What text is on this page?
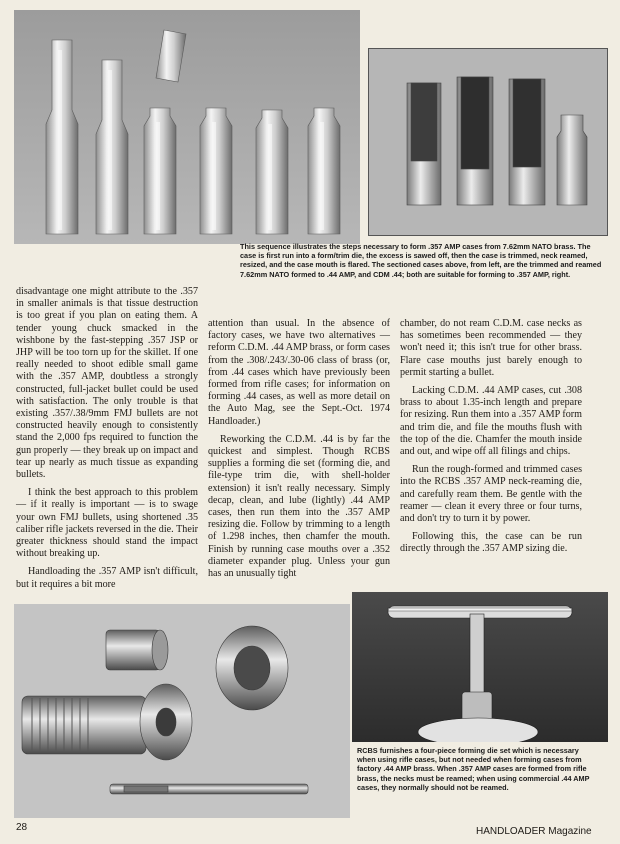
This sequence illustrates the steps necessary to form .357 AMP cases from 7.62mm NATO brass. The case is first run into a form/trim die, the excess is sawed off, then the case is trimmed, neck reamed, resized, and the case mouth is flared. The sectioned cases above, from left, are the trimmed and reamed 7.62mm NATO formed to .44 AMP, and CDM .44; both are suitable for forming to .357 AMP, right.

disadvantage one might attribute to the .357 in smaller animals is that tissue destruction is too great if you plan on eating them. A tender young chuck smacked in the wishbone by the fast-stepping .357 JSP or JHP will be too torn up for the skillet. If one really needed to shoot edible small game with the .357 AMP, doubtless a strongly constructed, full-jacket bullet could be used with satisfaction. The only trouble is that existing .357/.38/9mm FMJ bullets are not constructed heavily enough to consistently stand the 2,000 fps required to function the gun properly — they break up on impact and tear up nearly as much tissue as expanding bullets.

I think the best approach to this problem — if it really is important — is to swage your own FMJ bullets, using shortened .35 caliber rifle jackets reversed in the die. Their greater thickness should stand the impact without breaking up.

Handloading the .357 AMP isn't difficult, but it requires a bit more

attention than usual. In the absence of factory cases, we have two alternatives — reform C.D.M. .44 AMP brass, or form cases from the .308/.243/.30-06 class of brass (or, from .44 cases which have previously been formed from rifle cases; for information on forming .44 cases, as well as more detail on the Auto Mag, see the Sept.-Oct. 1974 Handloader.)

Reworking the C.D.M. .44 is by far the quickest and simplest. Though RCBS supplies a forming die set (forming die, and file-type trim die, with shell-holder extension) it isn't really necessary. Simply decap, clean, and lube (lightly) .44 AMP cases, then run them into the .357 AMP resizing die. Follow by trimming to a length of 1.298 inches, then chamfer the mouth. Finish by running case mouths over a .352 diameter expander plug. Unless your gun has an unusually tight

chamber, do not ream C.D.M. case necks as has sometimes been recommended — they won't need it; this isn't true for other brass. Flare case mouths just barely enough to permit starting a bullet.

Lacking C.D.M. .44 AMP cases, cut .308 brass to about 1.35-inch length and prepare for resizing. Run them into a .357 AMP form and trim die, and file the mouths flush with the top of the die. Chamfer the mouth inside and out, and wipe off all filings and chips.

Run the rough-formed and trimmed cases into the RCBS .357 AMP neck-reaming die, and carefully ream them. Be gentle with the reamer — clean it every three or four turns, and don't try to turn it by power.

Following this, the case can be run directly through the .357 AMP sizing die.

RCBS furnishes a four-piece forming die set which is necessary when using rifle cases, but not needed when forming cases from factory .44 AMP brass. When .357 AMP cases are formed from rifle brass, the necks must be reamed; when using commercial .44 AMP cases, they normally should not be reamed.

28	HANDLOADER Magazine
